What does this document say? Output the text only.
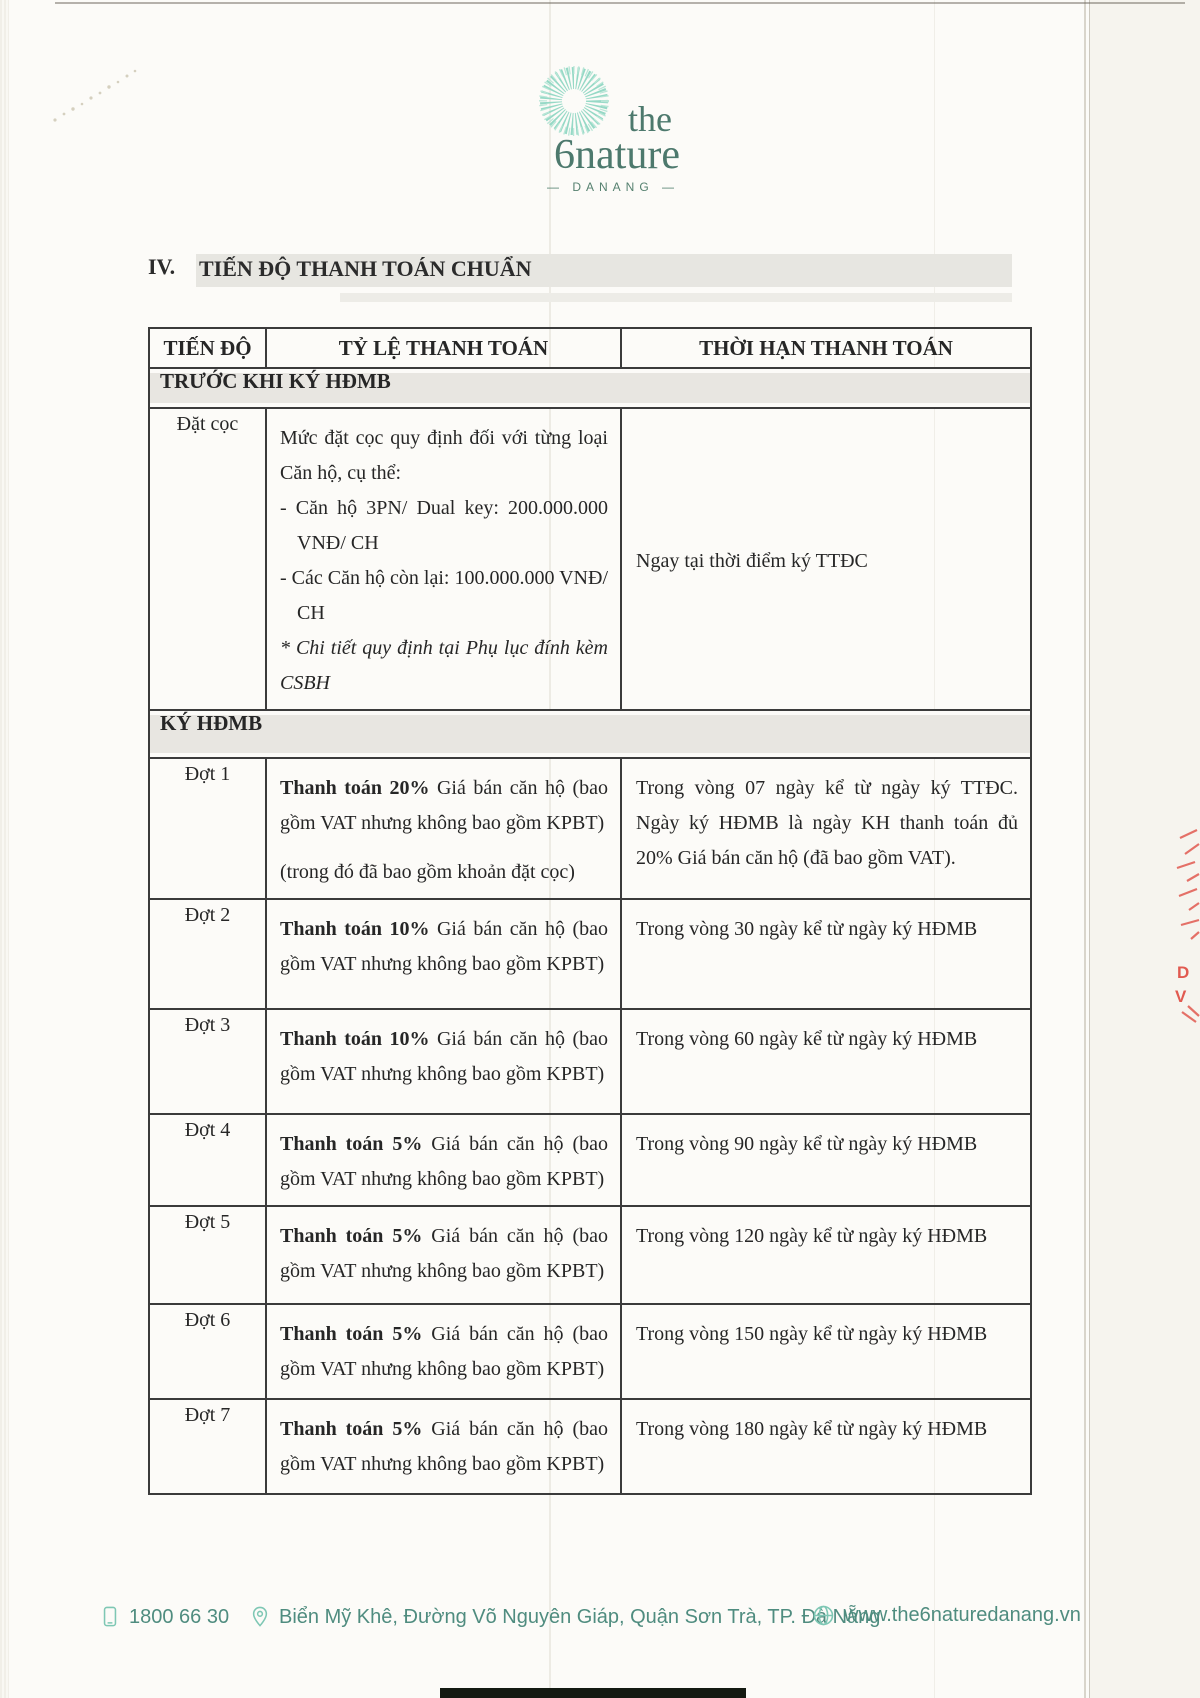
the
6nature
— DANANG —
IV.	TIẾN ĐỘ THANH TOÁN CHUẨN
TIẾN ĐỘ	TỶ LỆ THANH TOÁN	THỜI HẠN THANH TOÁN
TRƯỚC KHI KÝ HĐMB		
Đặt cọc	Mức đặt cọc quy định đối với từng loại Căn hộ, cụ thể:

- Căn hộ 3PN/ Dual key: 200.000.000 VNĐ/ CH

- Các Căn hộ còn lại: 100.000.000 VNĐ/ CH

* Chi tiết quy định tại Phụ lục đính kèm CSBH	Ngay tại thời điểm ký TTĐC
KÝ HĐMB		
Đợt 1	Thanh toán 20% Giá bán căn hộ (bao gồm VAT nhưng không bao gồm KPBT)

(trong đó đã bao gồm khoản đặt cọc)	Trong vòng 07 ngày kể từ ngày ký TTĐC. Ngày ký HĐMB là ngày KH thanh toán đủ 20% Giá bán căn hộ (đã bao gồm VAT).
Đợt 2	Thanh toán 10% Giá bán căn hộ (bao gồm VAT nhưng không bao gồm KPBT)	Trong vòng 30 ngày kể từ ngày ký HĐMB
Đợt 3	Thanh toán 10% Giá bán căn hộ (bao gồm VAT nhưng không bao gồm KPBT)	Trong vòng 60 ngày kể từ ngày ký HĐMB
Đợt 4	Thanh toán 5% Giá bán căn hộ (bao gồm VAT nhưng không bao gồm KPBT)	Trong vòng 90 ngày kể từ ngày ký HĐMB
Đợt 5	Thanh toán 5% Giá bán căn hộ (bao gồm VAT nhưng không bao gồm KPBT)	Trong vòng 120 ngày kể từ ngày ký HĐMB
Đợt 6	Thanh toán 5% Giá bán căn hộ (bao gồm VAT nhưng không bao gồm KPBT)	Trong vòng 150 ngày kể từ ngày ký HĐMB
Đợt 7	Thanh toán 5% Giá bán căn hộ (bao gồm VAT nhưng không bao gồm KPBT)	Trong vòng 180 ngày kể từ ngày ký HĐMB
D
V
1800 66 30 Biển Mỹ Khê, Đường Võ Nguyên Giáp, Quận Sơn Trà, TP. Đà Nẵng
www.the6naturedanang.vn
